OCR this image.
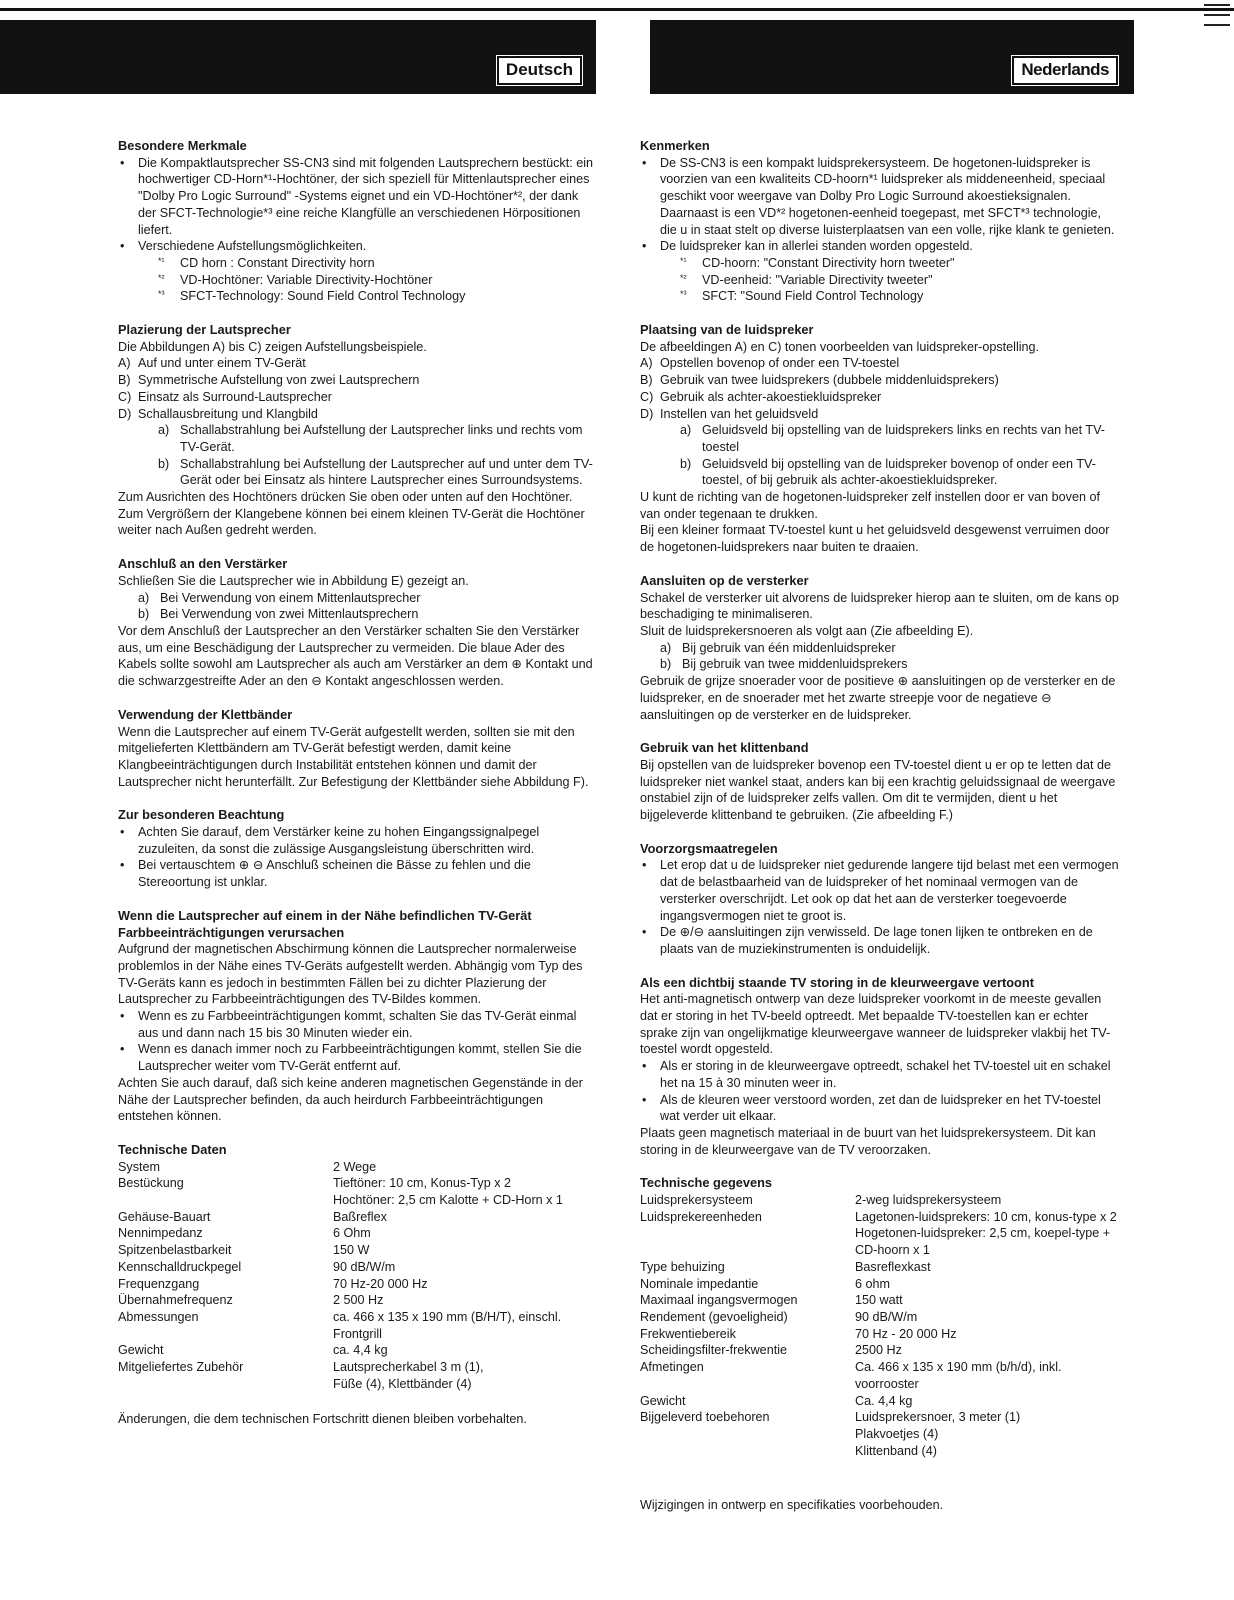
Deutsch	Nederlands
Besondere Merkmale
• Die Kompaktlautsprecher SS-CN3 sind mit folgenden Lautsprechern bestückt: ein hochwertiger CD-Horn*¹-Hochtöner, der sich speziell für Mittenlautsprecher eines "Dolby Pro Logic Surround" -Systems eignet und ein VD-Hochtöner*², der dank der SFCT-Technologie*³ eine reiche Klangfülle an verschiedenen Hörpositionen liefert.
• Verschiedene Aufstellungsmöglichkeiten.
*¹ CD horn : Constant Directivity horn
*² VD-Hochtöner: Variable Directivity-Hochtöner
*³ SFCT-Technology: Sound Field Control Technology
Plazierung der Lautsprecher

Die Abbildungen A) bis C) zeigen Aufstellungsbeispiele.

A) Auf und unter einem TV-Gerät
B) Symmetrische Aufstellung von zwei Lautsprechern
C) Einsatz als Surround-Lautsprecher
D) Schallausbreitung und Klangbild
a) Schallabstrahlung bei Aufstellung der Lautsprecher links und rechts vom TV-Gerät.
b) Schallabstrahlung bei Aufstellung der Lautsprecher auf und unter dem TV-Gerät oder bei Einsatz als hintere Lautsprecher eines Surroundsystems.

Zum Ausrichten des Hochtöners drücken Sie oben oder unten auf den Hochtöner.

Zum Vergrößern der Klangebene können bei einem kleinen TV-Gerät die Hochtöner weiter nach Außen gedreht werden.

Anschluß an den Verstärker

Schließen Sie die Lautsprecher wie in Abbildung E) gezeigt an.

a) Bei Verwendung von einem Mittenlautsprecher
b) Bei Verwendung von zwei Mittenlautsprechern

Vor dem Anschluß der Lautsprecher an den Verstärker schalten Sie den Verstärker aus, um eine Beschädigung der Lautsprecher zu vermeiden. Die blaue Ader des Kabels sollte sowohl am Lautsprecher als auch am Verstärker an dem ⊕ Kontakt und die schwarzgestreifte Ader an den ⊖ Kontakt angeschlossen werden.

Verwendung der Klettbänder

Wenn die Lautsprecher auf einem TV-Gerät aufgestellt werden, sollten sie mit den mitgelieferten Klettbändern am TV-Gerät befestigt werden, damit keine Klangbeeinträchtigungen durch Instabilität entstehen können und damit der Lautsprecher nicht herunterfällt. Zur Befestigung der Klettbänder siehe Abbildung F).

Zur besonderen Beachtung
• Achten Sie darauf, dem Verstärker keine zu hohen Eingangssignalpegel zuzuleiten, da sonst die zulässige Ausgangsleistung überschritten wird.
• Bei vertauschtem ⊕ ⊖ Anschluß scheinen die Bässe zu fehlen und die Stereoortung ist unklar.
Wenn die Lautsprecher auf einem in der Nähe befindlichen TV-Gerät Farbbeeinträchtigungen verursachen

Aufgrund der magnetischen Abschirmung können die Lautsprecher normalerweise problemlos in der Nähe eines TV-Geräts aufgestellt werden. Abhängig vom Typ des TV-Geräts kann es jedoch in bestimmten Fällen bei zu dichter Plazierung der Lautsprecher zu Farbbeeinträchtigungen des TV-Bildes kommen.

• Wenn es zu Farbbeeinträchtigungen kommt, schalten Sie das TV-Gerät einmal aus und dann nach 15 bis 30 Minuten wieder ein.
• Wenn es danach immer noch zu Farbbeeinträchtigungen kommt, stellen Sie die Lautsprecher weiter vom TV-Gerät entfernt auf.

Achten Sie auch darauf, daß sich keine anderen magnetischen Gegenstände in der Nähe der Lautsprecher befinden, da auch heirdurch Farbbeeinträchtigungen entstehen können.

Technische Daten
System	2 Wege
Bestückung	Tieftöner: 10 cm, Konus-Typ x 2
Hochtöner: 2,5 cm Kalotte + CD-Horn x 1

Gehäuse-Bauart	Baßreflex
Nennimpedanz	6 Ohm
Spitzenbelastbarkeit	150 W
Kennschalldruckpegel	90 dB/W/m
Frequenzgang	70 Hz-20 000 Hz
Übernahmefrequenz	2 500 Hz
Abmessungen	ca. 466 x 135 x 190 mm (B/H/T), einschl. Frontgrill
Gewicht	ca. 4,4 kg
Mitgeliefertes Zubehör	Lautsprecherkabel 3 m (1),
Füße (4), Klettbänder (4)

Änderungen, die dem technischen Fortschritt dienen bleiben vorbehalten.

Kenmerken
• De SS-CN3 is een kompakt luidsprekersysteem. De hogetonen-luidspreker is voorzien van een kwaliteits CD-hoorn*¹ luidspreker als middeneenheid, speciaal geschikt voor weergave van Dolby Pro Logic Surround akoestieksignalen. Daarnaast is een VD*² hogetonen-eenheid toegepast, met SFCT*³ technologie, die u in staat stelt op diverse luisterplaatsen van een volle, rijke klank te genieten.
• De luidspreker kan in allerlei standen worden opgesteld.
*¹ CD-hoorn: "Constant Directivity horn tweeter"
*² VD-eenheid: "Variable Directivity tweeter"
*³ SFCT: "Sound Field Control Technology
Plaatsing van de luidspreker

De afbeeldingen A) en C) tonen voorbeelden van luidspreker-opstelling.

A) Opstellen bovenop of onder een TV-toestel
B) Gebruik van twee luidsprekers (dubbele middenluidsprekers)
C) Gebruik als achter-akoestiekluidspreker
D) Instellen van het geluidsveld
a) Geluidsveld bij opstelling van de luidsprekers links en rechts van het TV-toestel
b) Geluidsveld bij opstelling van de luidspreker bovenop of onder een TV-toestel, of bij gebruik als achter-akoestiekluidspreker.

U kunt de richting van de hogetonen-luidspreker zelf instellen door er van boven of van onder tegenaan te drukken.

Bij een kleiner formaat TV-toestel kunt u het geluidsveld desgewenst verruimen door de hogetonen-luidsprekers naar buiten te draaien.

Aansluiten op de versterker

Schakel de versterker uit alvorens de luidspreker hierop aan te sluiten, om de kans op beschadiging te minimaliseren.

Sluit de luidsprekersnoeren als volgt aan (Zie afbeelding E).

a) Bij gebruik van één middenluidspreker
b) Bij gebruik van twee middenluidsprekers

Gebruik de grijze snoerader voor de positieve ⊕ aansluitingen op de versterker en de luidspreker, en de snoerader met het zwarte streepje voor de negatieve ⊖ aansluitingen op de versterker en de luidspreker.

Gebruik van het klittenband

Bij opstellen van de luidspreker bovenop een TV-toestel dient u er op te letten dat de luidspreker niet wankel staat, anders kan bij een krachtig geluidssignaal de weergave onstabiel zijn of de luidspreker zelfs vallen. Om dit te vermijden, dient u het bijgeleverde klittenband te gebruiken. (Zie afbeelding F.)

Voorzorgsmaatregelen
• Let erop dat u de luidspreker niet gedurende langere tijd belast met een vermogen dat de belastbaarheid van de luidspreker of het nominaal vermogen van de versterker overschrijdt. Let ook op dat het aan de versterker toegevoerde ingangsvermogen niet te groot is.
• De ⊕/⊖ aansluitingen zijn verwisseld. De lage tonen lijken te ontbreken en de plaats van de muziekinstrumenten is onduidelijk.
Als een dichtbij staande TV storing in de kleurweergave vertoont

Het anti-magnetisch ontwerp van deze luidspreker voorkomt in de meeste gevallen dat er storing in het TV-beeld optreedt. Met bepaalde TV-toestellen kan er echter sprake zijn van ongelijkmatige kleurweergave wanneer de luidspreker vlakbij het TV-toestel wordt opgesteld.

• Als er storing in de kleurweergave optreedt, schakel het TV-toestel uit en schakel het na 15 à 30 minuten weer in.
• Als de kleuren weer verstoord worden, zet dan de luidspreker en het TV-toestel wat verder uit elkaar.

Plaats geen magnetisch materiaal in de buurt van het luidsprekersysteem. Dit kan storing in de kleurweergave van de TV veroorzaken.

Technische gegevens
Luidsprekersysteem	2-weg luidsprekersysteem
Luidsprekereenheden	Lagetonen-luidsprekers: 10 cm, konus-type x 2
Hogetonen-luidspreker: 2,5 cm, koepel-type + CD-hoorn x 1

Type behuizing	Basreflexkast
Nominale impedantie	6 ohm
Maximaal ingangsvermogen	150 watt
Rendement (gevoeligheid)	90 dB/W/m
Frekwentiebereik	70 Hz - 20 000 Hz
Scheidingsfilter-frekwentie	2500 Hz
Afmetingen	Ca. 466 x 135 x 190 mm (b/h/d), inkl. voorrooster
Gewicht	Ca. 4,4 kg
Bijgeleverd toebehoren	Luidsprekersnoer, 3 meter (1)
Plakvoetjes (4)
Klittenband (4)

Wijzigingen in ontwerp en specifikaties voorbehouden.
